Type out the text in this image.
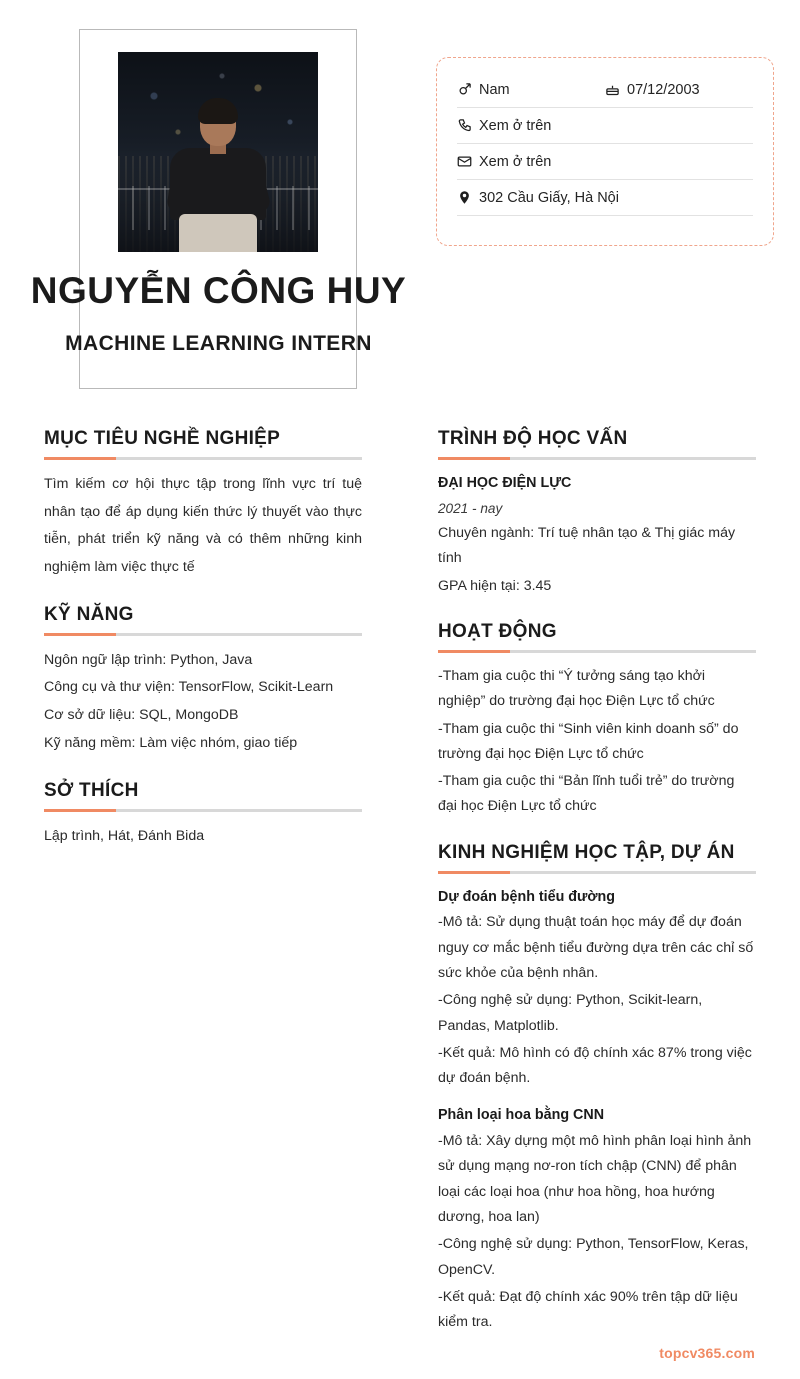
NGUYỄN CÔNG HUY
MACHINE LEARNING INTERN
Nam	07/12/2003
Xem ở trên
Xem ở trên
302 Cầu Giấy, Hà Nội
MỤC TIÊU NGHỀ NGHIỆP
Tìm kiếm cơ hội thực tập trong lĩnh vực trí tuệ nhân tạo để áp dụng kiến thức lý thuyết vào thực tiễn, phát triển kỹ năng và có thêm những kinh nghiệm làm việc thực tế
KỸ NĂNG
Ngôn ngữ lập trình: Python, Java
Công cụ và thư viện: TensorFlow, Scikit-Learn
Cơ sở dữ liệu: SQL, MongoDB
Kỹ năng mềm: Làm việc nhóm, giao tiếp
SỞ THÍCH
Lập trình, Hát, Đánh Bida
TRÌNH ĐỘ HỌC VẤN
ĐẠI HỌC ĐIỆN LỰC
2021 - nay
Chuyên ngành: Trí tuệ nhân tạo & Thị giác máy tính
GPA hiện tại: 3.45
HOẠT ĐỘNG
-Tham gia cuộc thi “Ý tưởng sáng tạo khởi nghiệp” do trường đại học Điện Lực tổ chức
-Tham gia cuộc thi “Sinh viên kinh doanh số” do trường đại học Điện Lực tổ chức
-Tham gia cuộc thi “Bản lĩnh tuổi trẻ” do trường đại học Điện Lực tổ chức
KINH NGHIỆM HỌC TẬP, DỰ ÁN
Dự đoán bệnh tiểu đường
-Mô tả: Sử dụng thuật toán học máy để dự đoán nguy cơ mắc bệnh tiểu đường dựa trên các chỉ số sức khỏe của bệnh nhân.
-Công nghệ sử dụng: Python, Scikit-learn, Pandas, Matplotlib.
-Kết quả: Mô hình có độ chính xác 87% trong việc dự đoán bệnh.
Phân loại hoa bằng CNN
-Mô tả: Xây dựng một mô hình phân loại hình ảnh sử dụng mạng nơ-ron tích chập (CNN) để phân loại các loại hoa (như hoa hồng, hoa hướng dương, hoa lan)
-Công nghệ sử dụng: Python, TensorFlow, Keras, OpenCV.
-Kết quả: Đạt độ chính xác 90% trên tập dữ liệu kiểm tra.
topcv365.com
